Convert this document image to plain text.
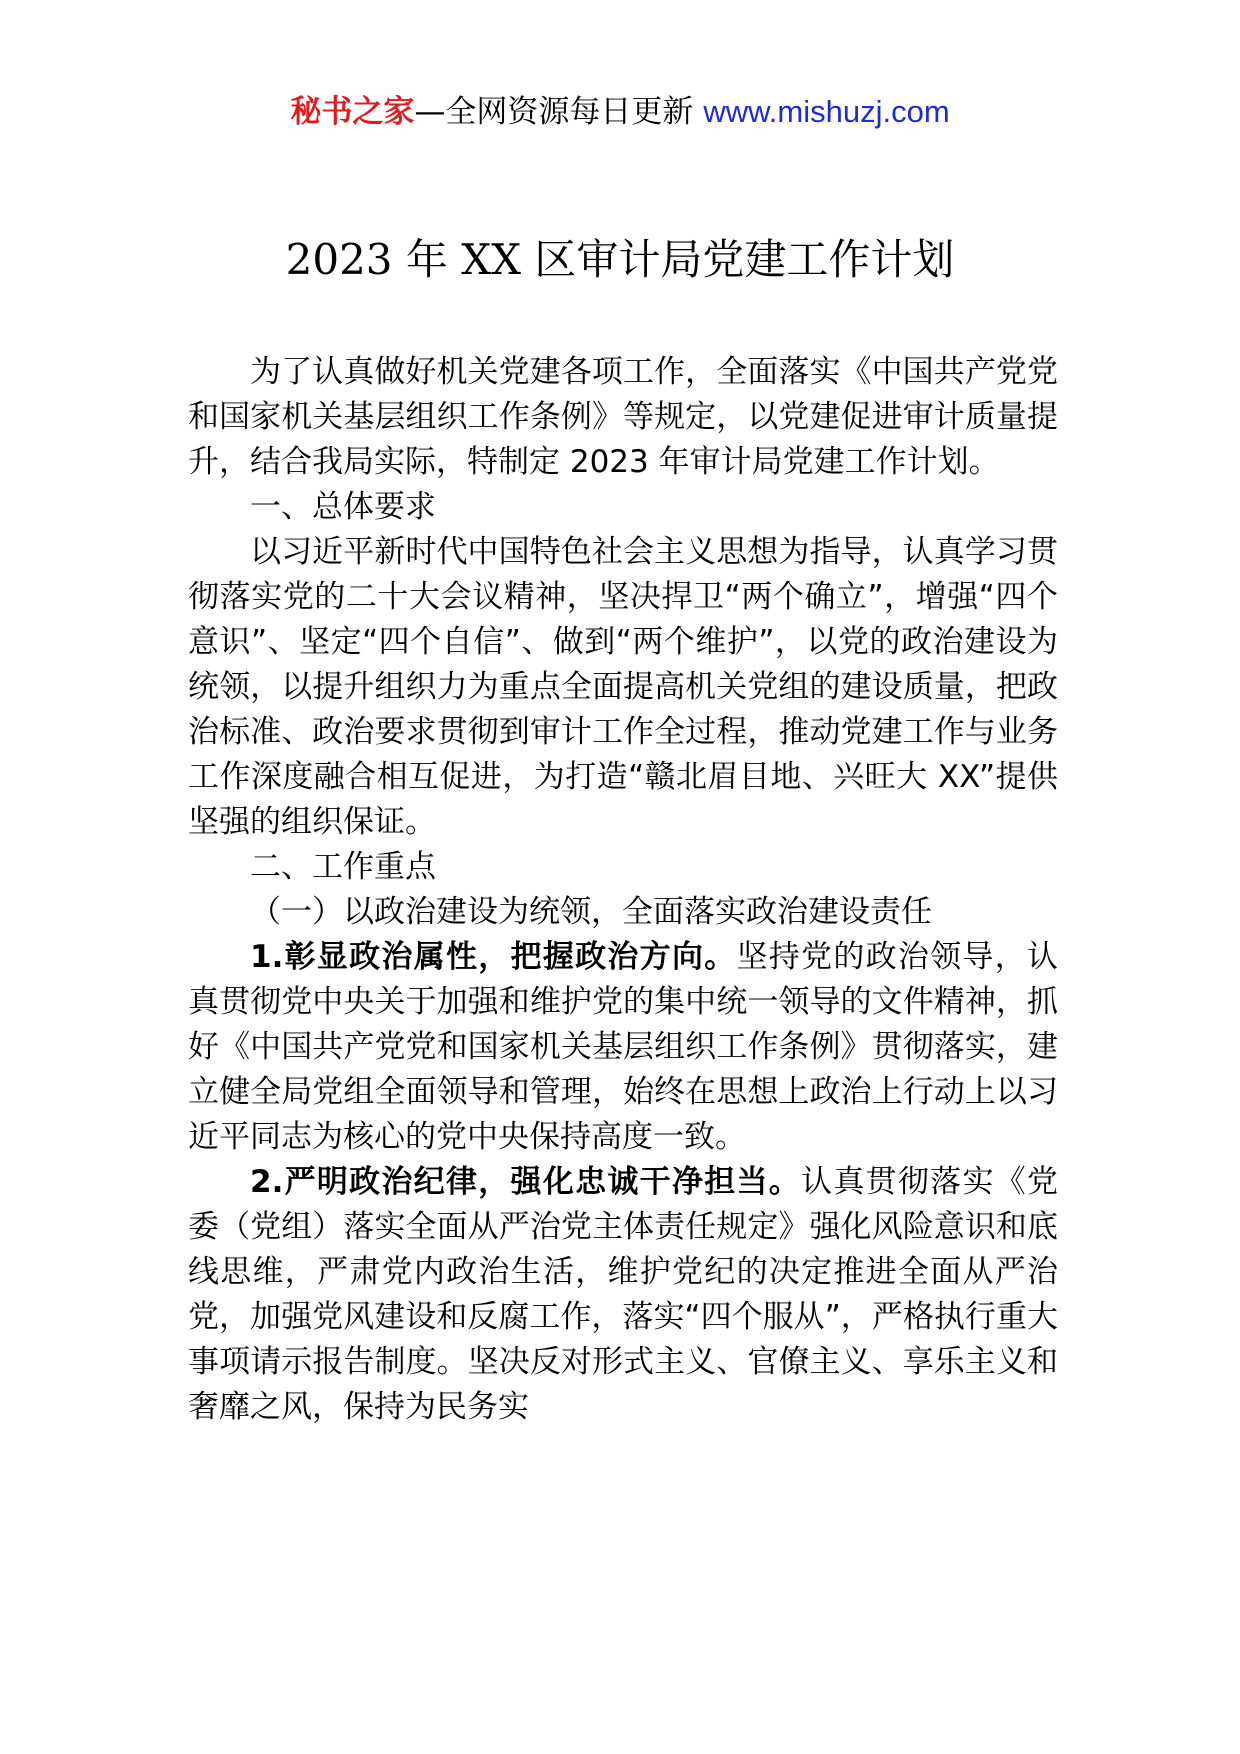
秘书之家—全网资源每日更新 www.mishuzj.com
2023 年 XX 区审计局党建工作计划

为了认真做好机关党建各项工作，全面落实《中国共产党党和国家机关基层组织工作条例》等规定，以党建促进审计质量提升，结合我局实际，特制定 2023 年审计局党建工作计划。

一、总体要求

以习近平新时代中国特色社会主义思想为指导，认真学习贯彻落实党的二十大会议精神，坚决捍卫“两个确立”，增强“四个意识”、坚定“四个自信”、做到“两个维护”，以党的政治建设为统领，以提升组织力为重点全面提高机关党组的建设质量，把政治标准、政治要求贯彻到审计工作全过程，推动党建工作与业务工作深度融合相互促进，为打造“赣北眉目地、兴旺大 XX”提供坚强的组织保证。

二、工作重点

（一）以政治建设为统领，全面落实政治建设责任

1.彰显政治属性，把握政治方向。坚持党的政治领导，认真贯彻党中央关于加强和维护党的集中统一领导的文件精神，抓好《中国共产党党和国家机关基层组织工作条例》贯彻落实，建立健全局党组全面领导和管理，始终在思想上政治上行动上以习近平同志为核心的党中央保持高度一致。

2.严明政治纪律，强化忠诚干净担当。认真贯彻落实《党委（党组）落实全面从严治党主体责任规定》强化风险意识和底线思维，严肃党内政治生活，维护党纪的决定推进全面从严治党，加强党风建设和反腐工作，落实“四个服从”，严格执行重大事项请示报告制度。坚决反对形式主义、官僚主义、享乐主义和奢靡之风，保持为民务实
